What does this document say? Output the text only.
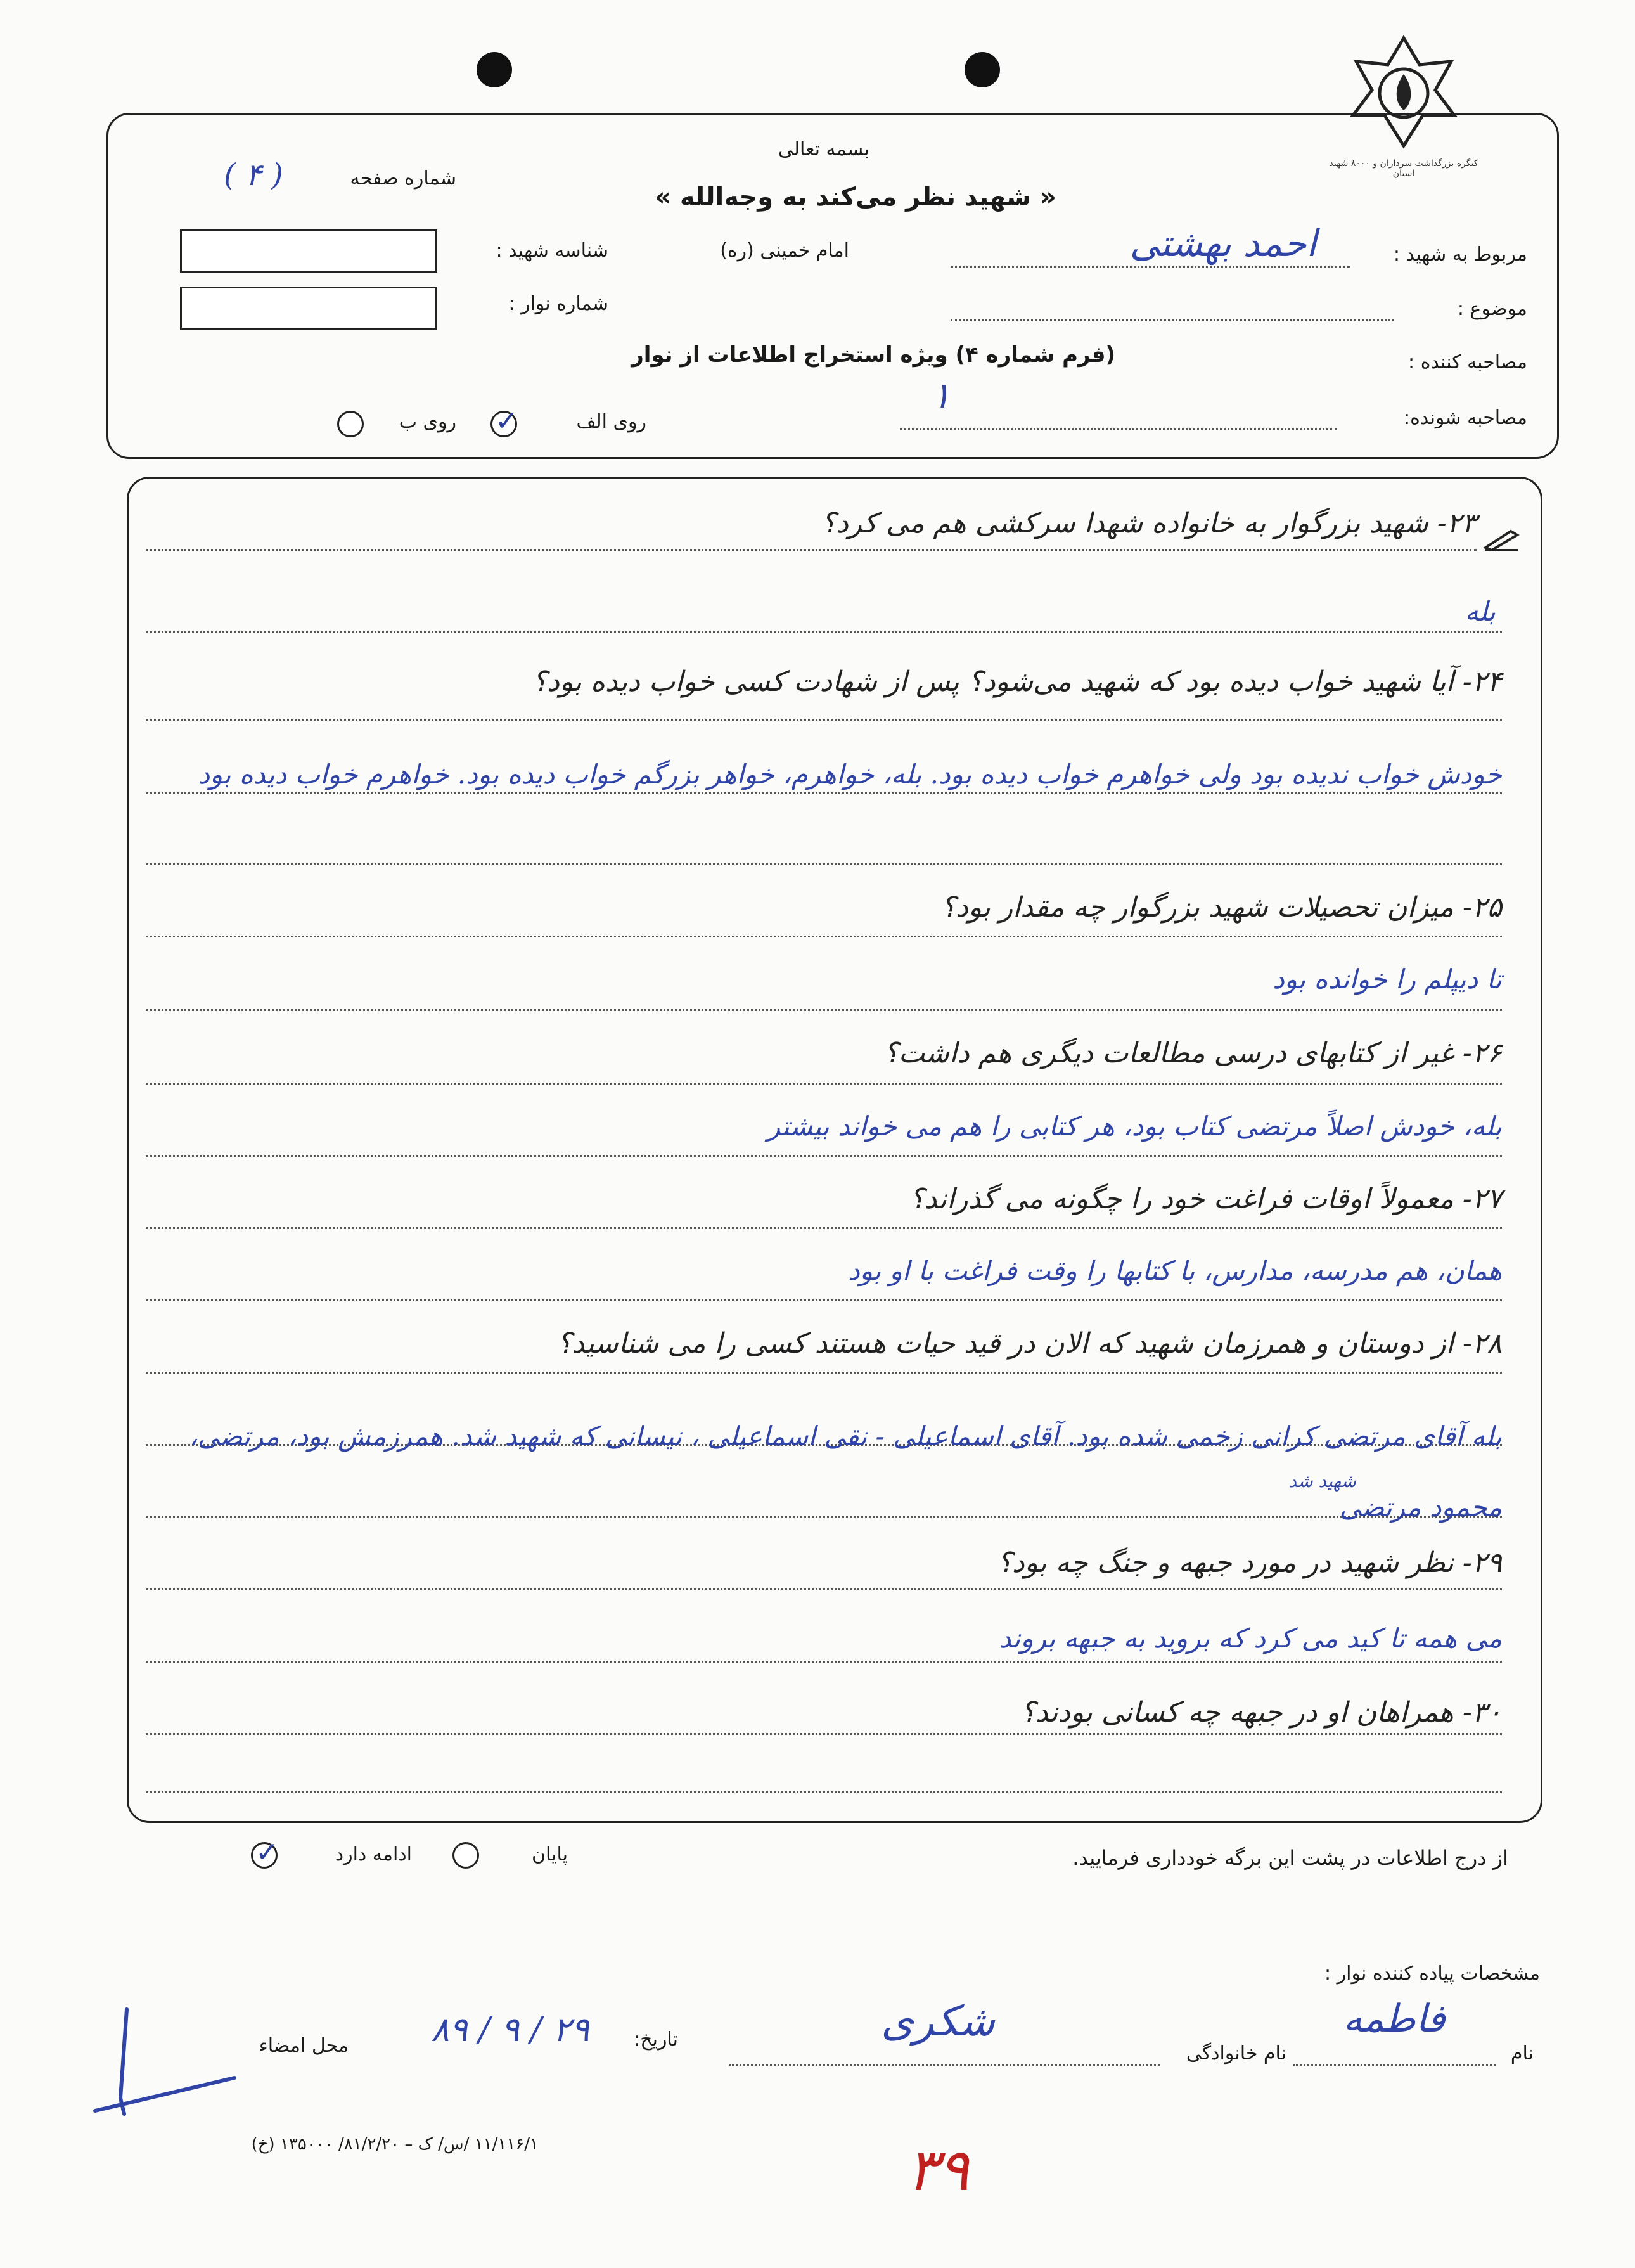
کنگره بزرگداشت سرداران و ۸۰۰۰ شهید استان
بسمه تعالی
« شهید نظر می‌کند به وجه‌الله »
شماره صفحه
( ۴ )
مربوط به شهید :
احمد بهشتی
امام خمینی (ره)
شناسه شهید :
موضوع :
شماره نوار :
مصاحبه کننده :
(فرم شماره ۴) ویژه استخراج اطلاعات از نوار
۱
مصاحبه شونده:
روی الف
✓
روی ب
۲۳- شهید بزرگوار به خانواده شهدا سرکشی هم می کرد؟
بله
۲۴- آیا شهید خواب دیده بود که شهید می‌شود؟ پس از شهادت کسی خواب دیده بود؟
خودش خواب ندیده بود ولی خواهرم خواب دیده بود. بله، خواهرم، خواهر بزرگم خواب دیده بود. خواهرم خواب دیده بود
۲۵- میزان تحصیلات شهید بزرگوار چه مقدار بود؟
تا دیپلم را خوانده بود
۲۶- غیر از کتابهای درسی مطالعات دیگری هم داشت؟
بله، خودش اصلاً مرتضی کتاب بود، هر کتابی را هم می خواند بیشتر
۲۷- معمولاً اوقات فراغت خود را چگونه می گذراند؟
همان، هم مدرسه، مدارس، با کتابها را وقت فراغت با او بود
۲۸- از دوستان و همرزمان شهید که الان در قید حیات هستند کسی را می شناسید؟
بله آقای مرتضی کرانی زخمی شده بود. آقای اسماعیلی - نقی اسماعیلی ، نیسانی که شهید شد. همرزمش بود، مرتضی، محمود مرتضی
شهید شد
۲۹- نظر شهید در مورد جبهه و جنگ چه بود؟
می همه تا کید می کرد که بروید به جبهه بروند
۳۰- همراهان او در جبهه چه کسانی بودند؟
از درج اطلاعات در پشت این برگه خودداری فرمایید.
پایان
ادامه دارد
✓
مشخصات پیاده کننده نوار :
نام
فاطمه
نام خانوادگی
شکری
تاریخ:
۸۹ / ۹ / ۲۹
محل امضاء
۱۱/۱۱۶/۱ /س/ ک – ۸۱/۲/۲۰/ ۱۳۵۰۰۰ (خ)	۳۹
